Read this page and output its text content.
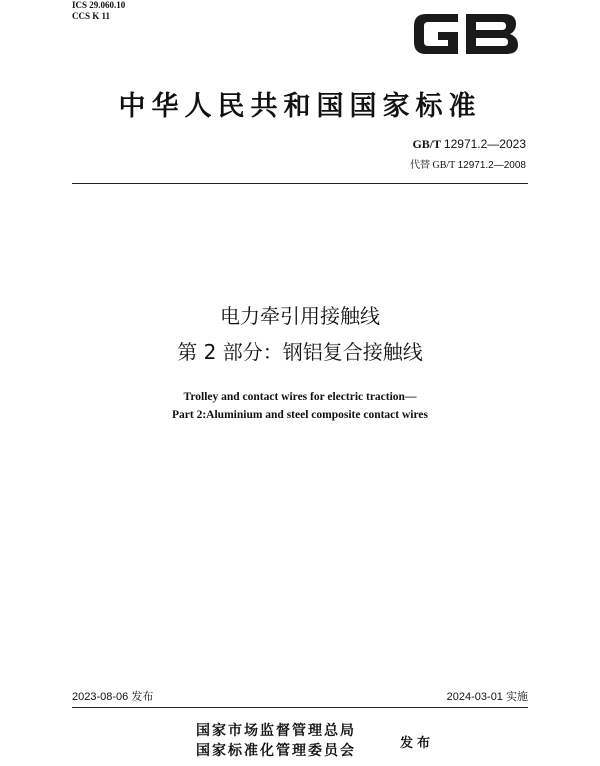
ICS 29.060.10
CCS K 11
GB
中华人民共和国国家标准
GB/T 12971.2—2023
代替 GB/T 12971.2—2008
电力牵引用接触线
第 2 部分：钢铝复合接触线
Trolley and contact wires for electric traction—
Part 2:Aluminium and steel composite contact wires
2023-08-06 发布	2024-03-01 实施
国家市场监督管理总局
国家标准化管理委员会	发布
